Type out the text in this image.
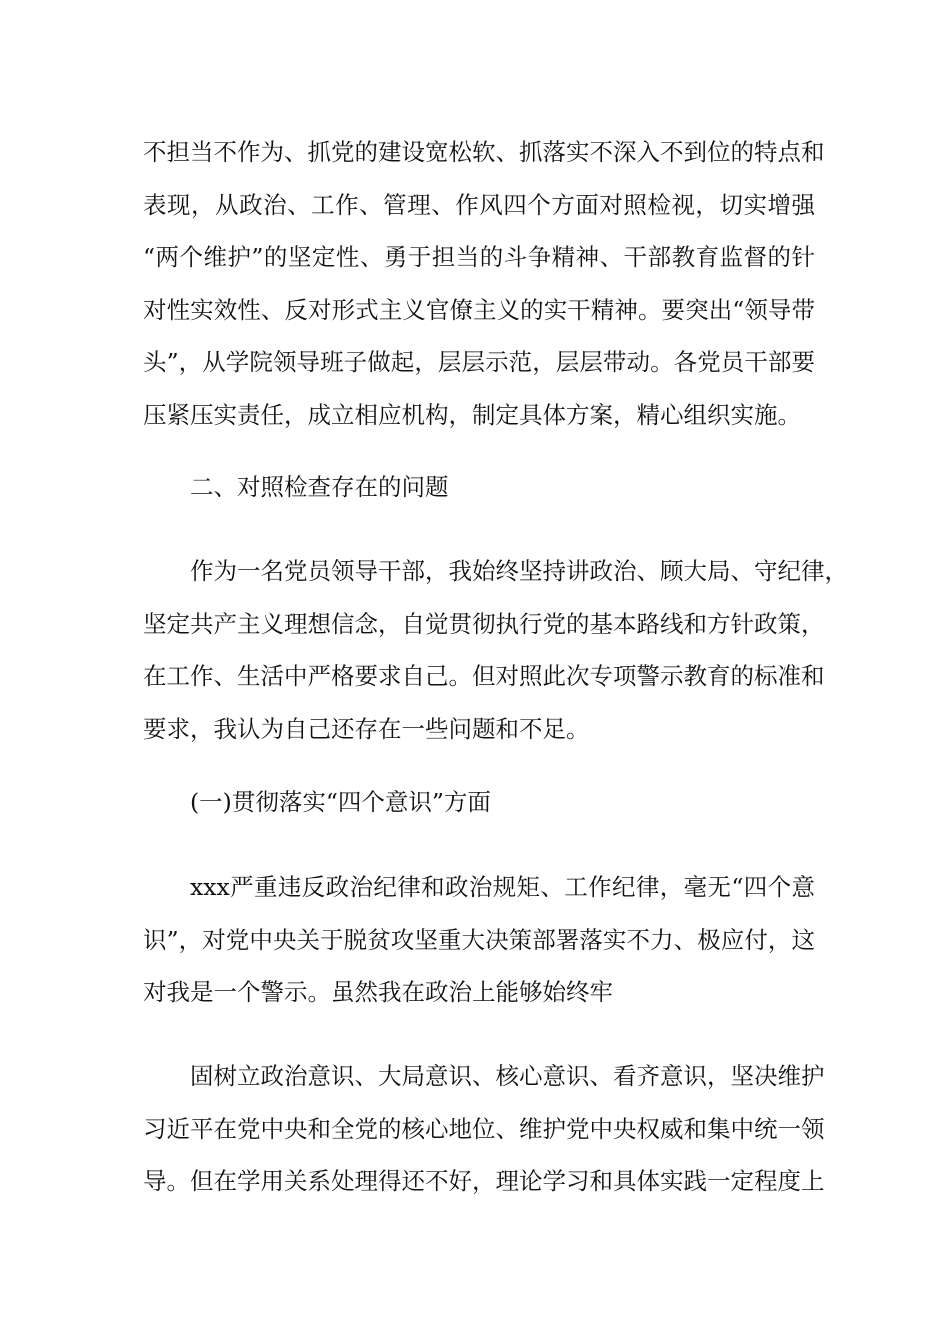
不担当不作为、抓党的建设宽松软、抓落实不深入不到位的特点和
表现，从政治、工作、管理、作风四个方面对照检视，切实增强
“两个维护”的坚定性、勇于担当的斗争精神、干部教育监督的针
对性实效性、反对形式主义官僚主义的实干精神。要突出“领导带
头”，从学院领导班子做起，层层示范，层层带动。各党员干部要
压紧压实责任，成立相应机构，制定具体方案，精心组织实施。

二、对照检查存在的问题

作为一名党员领导干部，我始终坚持讲政治、顾大局、守纪律，
坚定共产主义理想信念，自觉贯彻执行党的基本路线和方针政策，
在工作、生活中严格要求自己。但对照此次专项警示教育的标准和
要求，我认为自己还存在一些问题和不足。

(一)贯彻落实“四个意识”方面

xxx严重违反政治纪律和政治规矩、工作纪律，毫无“四个意
识”，对党中央关于脱贫攻坚重大决策部署落实不力、极应付，这
对我是一个警示。虽然我在政治上能够始终牢

固树立政治意识、大局意识、核心意识、看齐意识，坚决维护
习近平在党中央和全党的核心地位、维护党中央权威和集中统一领
导。但在学用关系处理得还不好，理论学习和具体实践一定程度上
